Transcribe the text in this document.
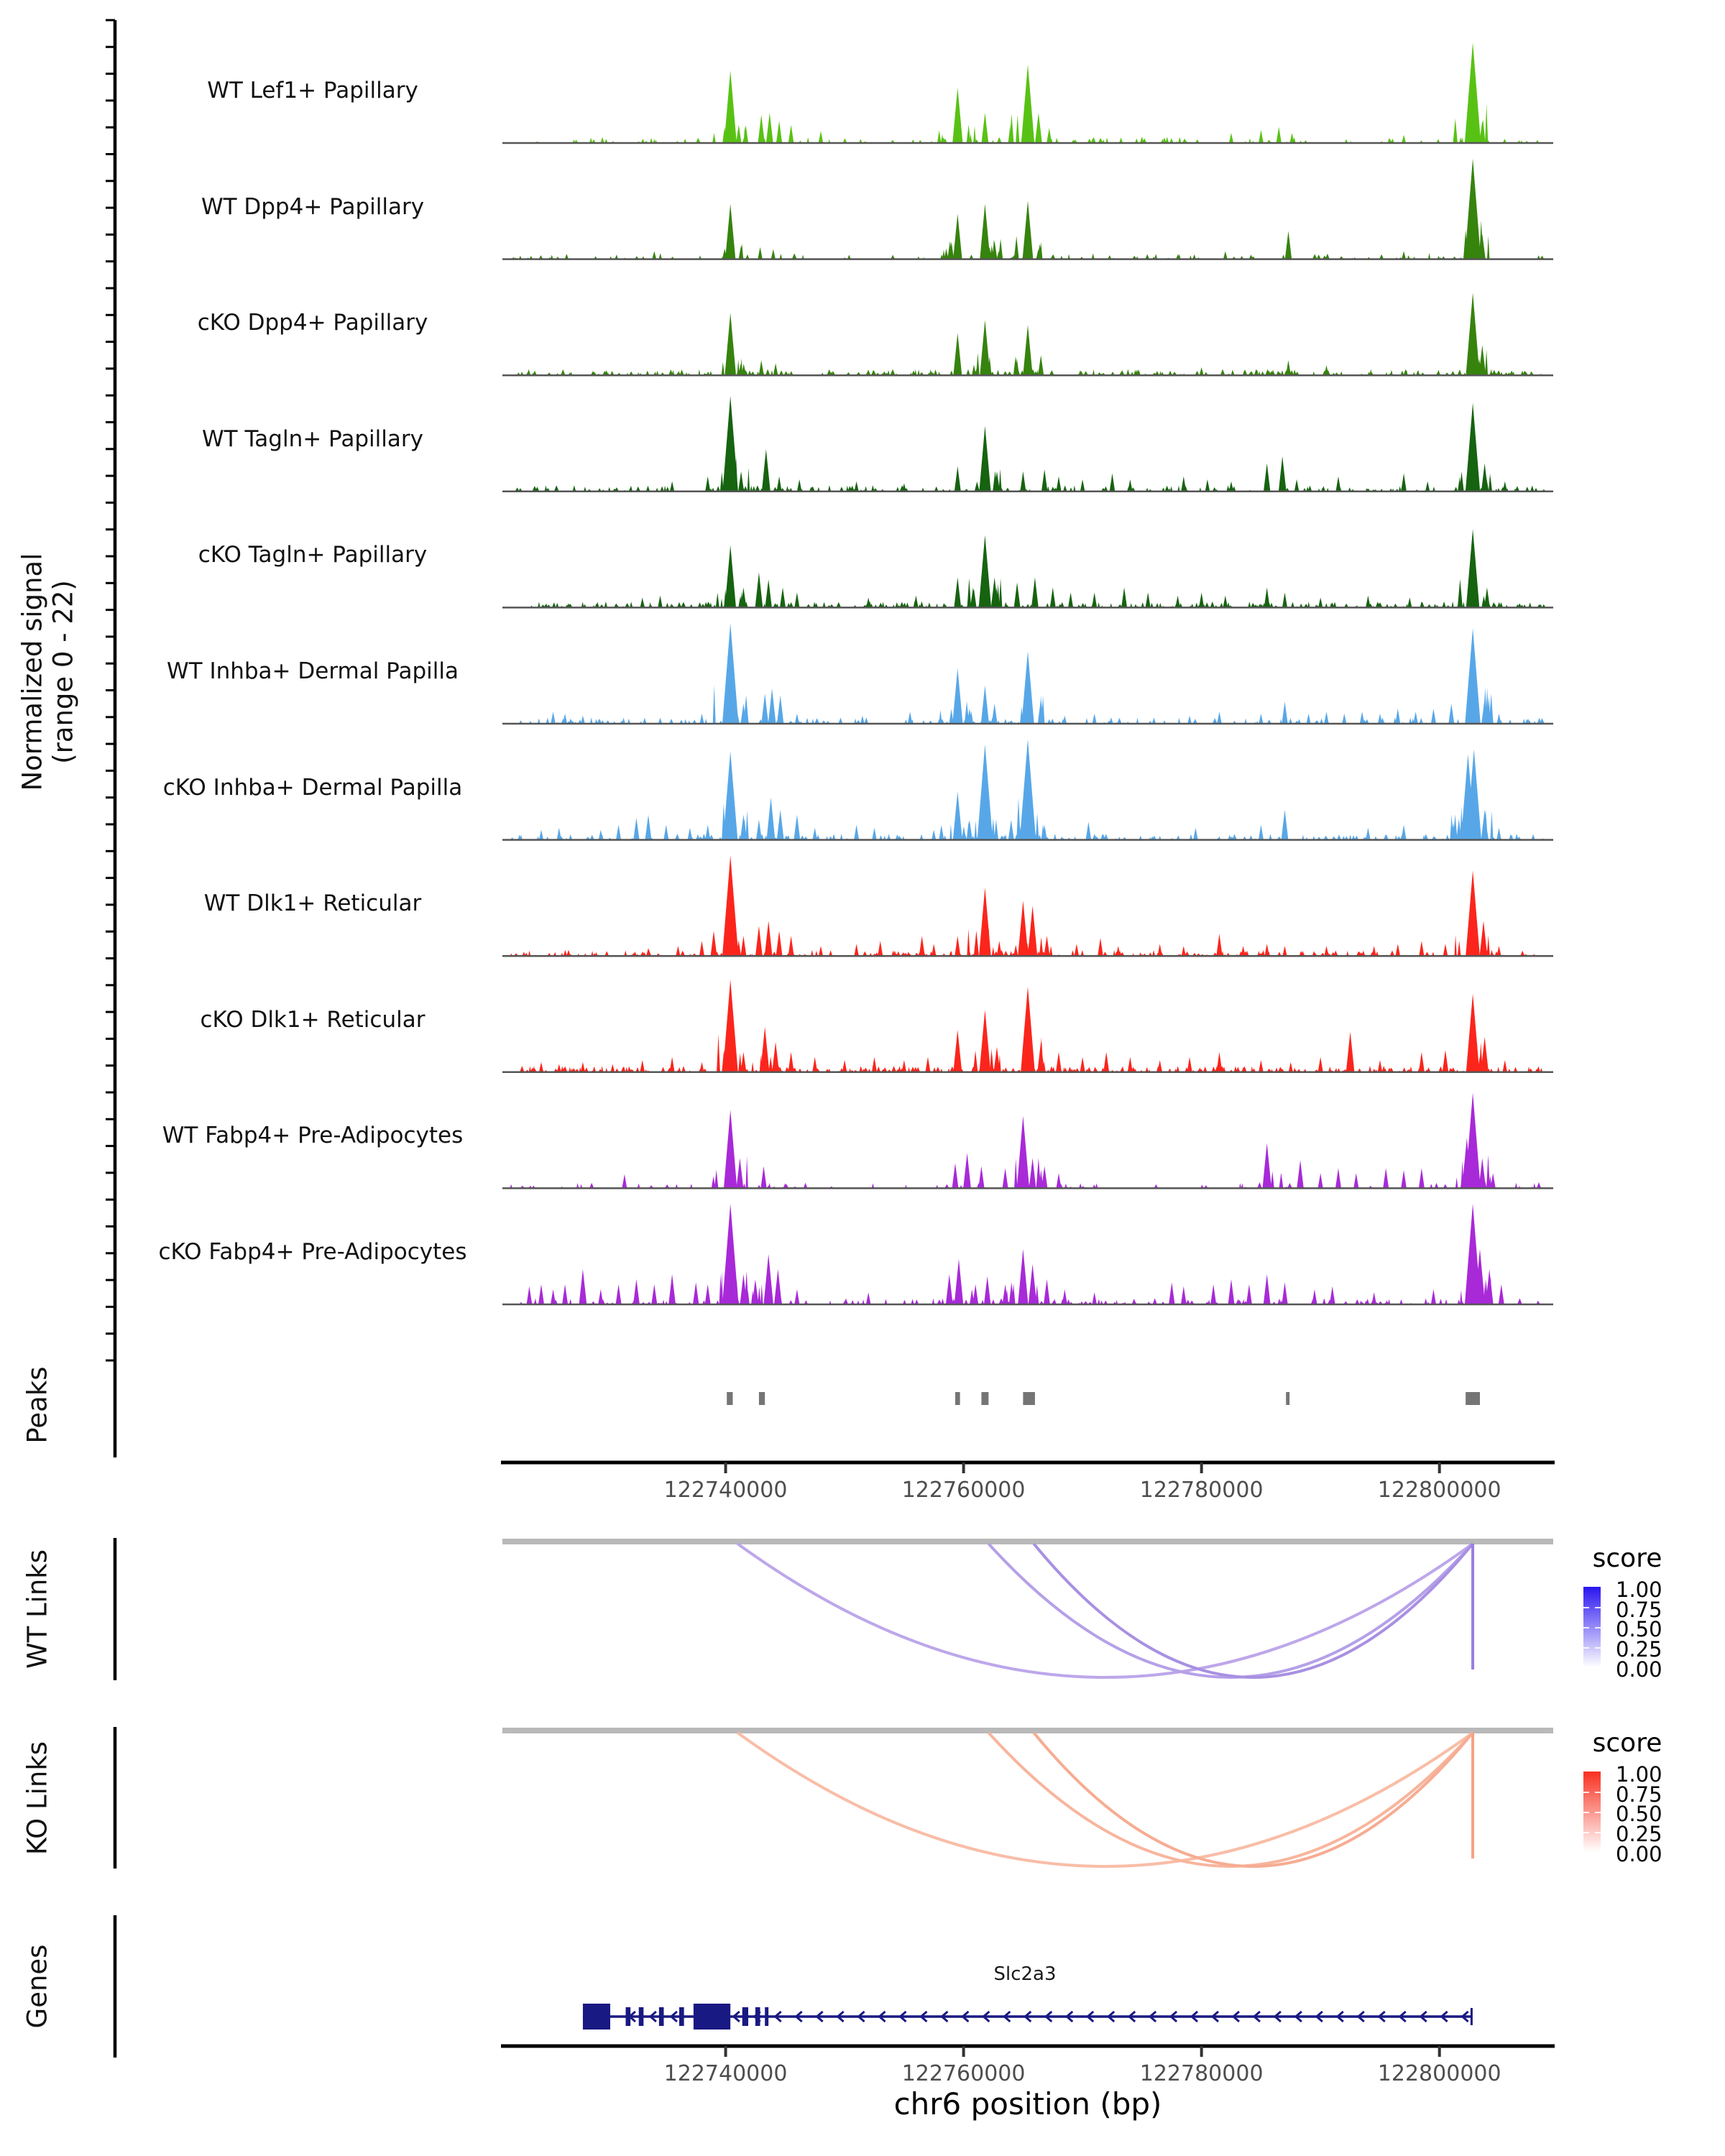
Normalized signal (range 0 - 22)
Peaks
WT Links
KO Links
Genes
WT Lef1+ Papillary
WT Dpp4+ Papillary
cKO Dpp4+ Papillary
WT Tagln+ Papillary
cKO Tagln+ Papillary
WT Inhba+ Dermal Papilla
cKO Inhba+ Dermal Papilla
WT Dlk1+ Reticular
cKO Dlk1+ Reticular
WT Fabp4+ Pre-Adipocytes
cKO Fabp4+ Pre-Adipocytes
122740000	122760000	122780000	122800000
122740000	122760000	122780000	122800000
score
1.00
0.75
0.50
0.25
0.00
score
1.00
0.75
0.50
0.25
0.00
Slc2a3
chr6 position (bp)
